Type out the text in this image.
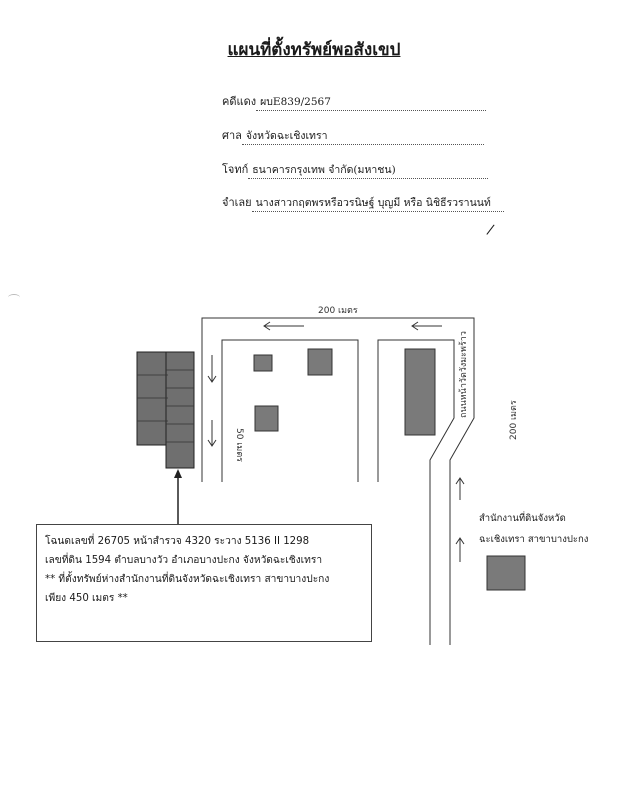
แผนที่ตั้งทรัพย์พอสังเขป
คดีแดง ผบE839/2567
ศาล จังหวัดฉะเชิงเทรา
โจทก์ ธนาคารกรุงเทพ จำกัด(มหาชน)
จำเลย นางสาวกฤตพรหรือวรนิษฐ์ บุญมี หรือ นิชิธีรวรานนท์
/
200 เมตร
200 เมตร
50 เมตร
ถนนหน้าวัดวังมะพร้าว
โฉนดเลขที่ 26705 หน้าสำรวจ 4320 ระวาง 5136 II 1298
เลขที่ดิน 1594 ตำบลบางวัว อำเภอบางปะกง จังหวัดฉะเชิงเทรา
** ที่ตั้งทรัพย์ห่างสำนักงานที่ดินจังหวัดฉะเชิงเทรา สาขาบางปะกง
เพียง 450 เมตร **
สำนักงานที่ดินจังหวัด
ฉะเชิงเทรา สาขาบางปะกง
